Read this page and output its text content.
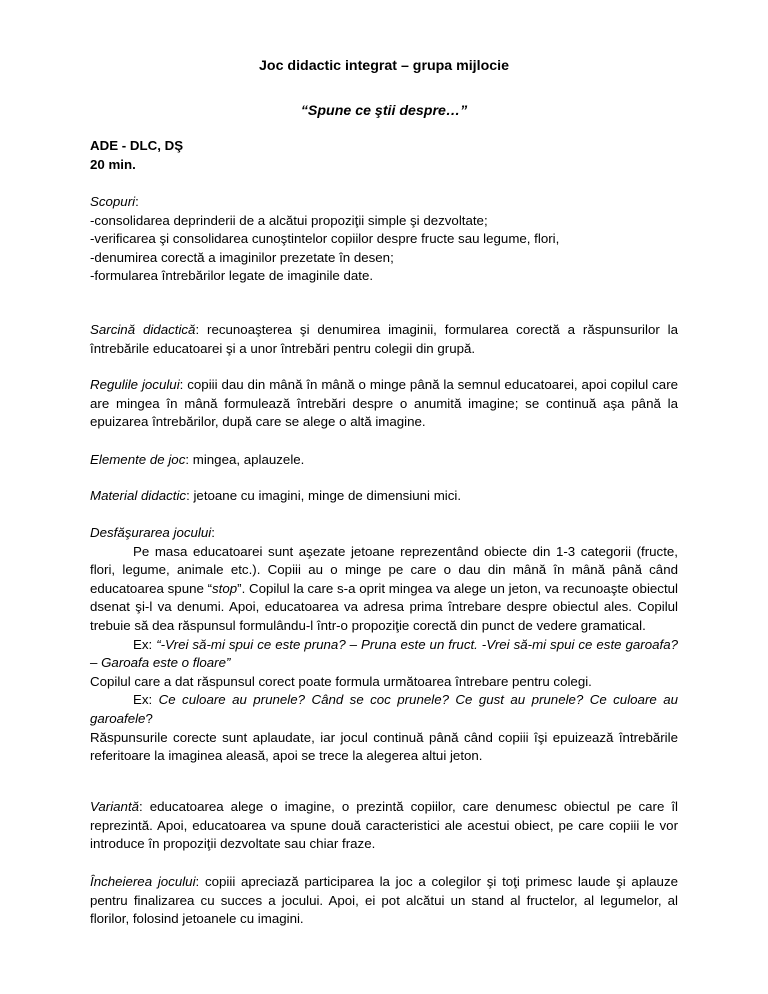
Joc didactic integrat – grupa mijlocie
“Spune ce ştii despre…”
ADE - DLC, DŞ
20 min.

Scopuri:

-consolidarea deprinderii de a alcătui propoziţii simple şi dezvoltate;

-verificarea şi consolidarea cunoştintelor copiilor despre fructe sau legume, flori,

-denumirea corectă a imaginilor prezetate în desen;

-formularea întrebărilor legate de imaginile date.

Sarcină didactică: recunoaşterea şi denumirea imaginii, formularea corectă a răspunsurilor la întrebările educatoarei şi a unor întrebări pentru colegii din grupă.

Regulile jocului: copiii dau din mână în mână o minge până la semnul educatoarei, apoi copilul care are mingea în mână formulează întrebări despre o anumită imagine; se continuă aşa până la epuizarea întrebărilor, după care se alege o altă imagine.

Elemente de joc: mingea, aplauzele.

Material didactic: jetoane cu imagini, minge de dimensiuni mici.

Desfăşurarea jocului:

Pe masa educatoarei sunt aşezate jetoane reprezentând obiecte din 1-3 categorii (fructe, flori, legume, animale etc.). Copiii au o minge pe care o dau din mână în mână până când educatoarea spune “stop”. Copilul la care s-a oprit mingea va alege un jeton, va recunoaşte obiectul dsenat şi-l va denumi. Apoi, educatoarea va adresa prima întrebare despre obiectul ales. Copilul trebuie să dea răspunsul formulându-l într-o propoziţie corectă din punct de vedere gramatical.

Ex: “-Vrei să-mi spui ce este pruna? – Pruna este un fruct. -Vrei să-mi spui ce este garoafa? – Garoafa este o floare”

Copilul care a dat răspunsul corect poate formula următoarea întrebare pentru colegi.

Ex: Ce culoare au prunele? Când se coc prunele? Ce gust au prunele? Ce culoare au garoafele?

Răspunsurile corecte sunt aplaudate, iar jocul continuă până când copiii îşi epuizează întrebările referitoare la imaginea aleasă, apoi se trece la alegerea altui jeton.

Variantă: educatoarea alege o imagine, o prezintă copiilor, care denumesc obiectul pe care îl reprezintă. Apoi, educatoarea va spune două caracteristici ale acestui obiect, pe care copiii le vor introduce în propoziţii dezvoltate sau chiar fraze.

Încheierea jocului: copiii apreciază participarea la joc a colegilor şi toţi primesc laude şi aplauze pentru finalizarea cu succes a jocului. Apoi, ei pot alcătui un stand al fructelor, al legumelor, al florilor, folosind jetoanele cu imagini.
